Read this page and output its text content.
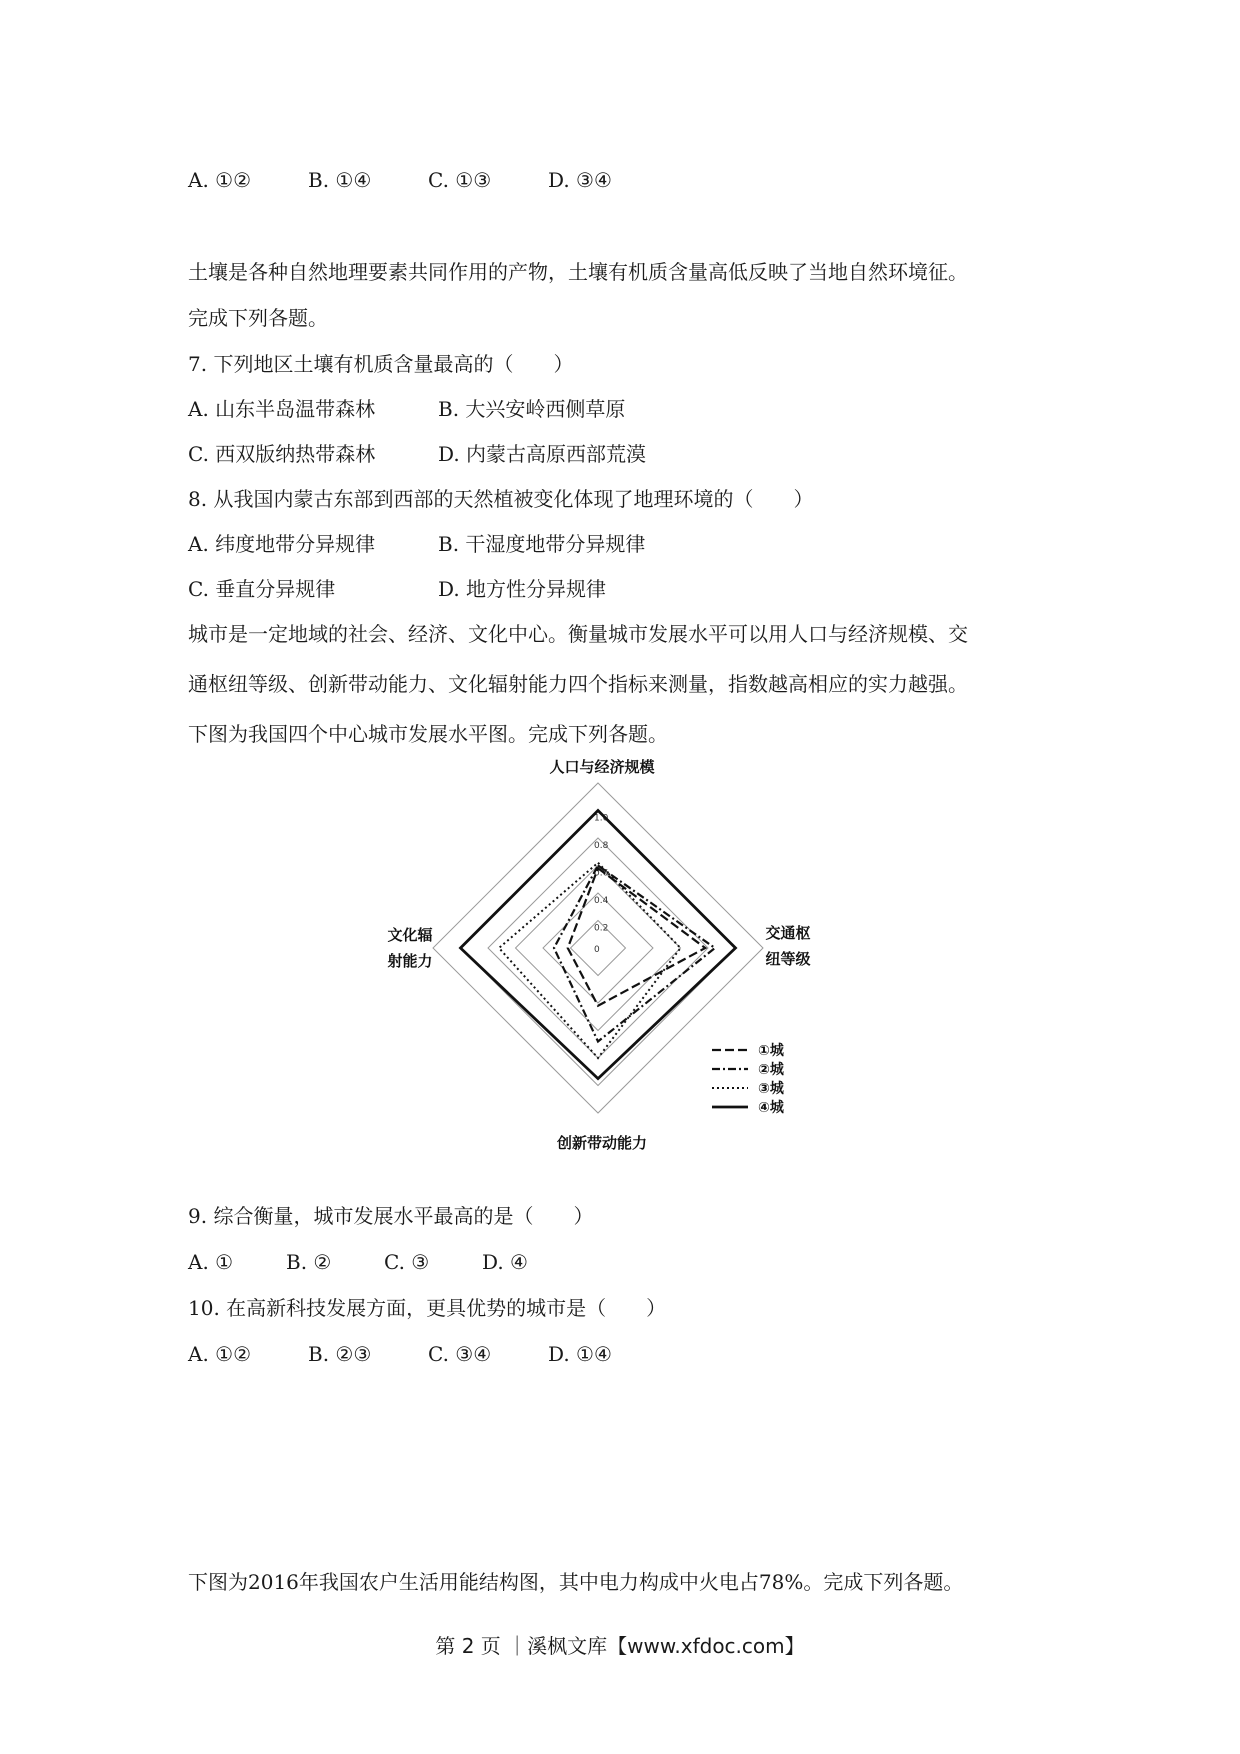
A. ①②	B. ①④	C. ①③	D. ③④
土壤是各种自然地理要素共同作用的产物，土壤有机质含量高低反映了当地自然环境征。
完成下列各题。
7. 下列地区土壤有机质含量最高的（　　）
A. 山东半岛温带森林	B. 大兴安岭西侧草原
C. 西双版纳热带森林	D. 内蒙古高原西部荒漠
8. 从我国内蒙古东部到西部的天然植被变化体现了地理环境的（　　）
A. 纬度地带分异规律	B. 干湿度地带分异规律
C. 垂直分异规律	D. 地方性分异规律
城市是一定地域的社会、经济、文化中心。衡量城市发展水平可以用人口与经济规模、交
通枢纽等级、创新带动能力、文化辐射能力四个指标来测量，指数越高相应的实力越强。
下图为我国四个中心城市发展水平图。完成下列各题。
0
0.2
0.4
0.6
0.8
1.0
人口与经济规模
交通枢
纽等级
创新带动能力
文化辐
射能力
①城
②城
③城
④城
9. 综合衡量，城市发展水平最高的是（　　）
A. ①	B. ②	C. ③	D. ④
10. 在高新科技发展方面，更具优势的城市是（　　）
A. ①②	B. ②③	C. ③④	D. ①④
下图为2016年我国农户生活用能结构图，其中电力构成中火电占78%。完成下列各题。
第 2 页 ｜溪枫文库【www.xfdoc.com】
